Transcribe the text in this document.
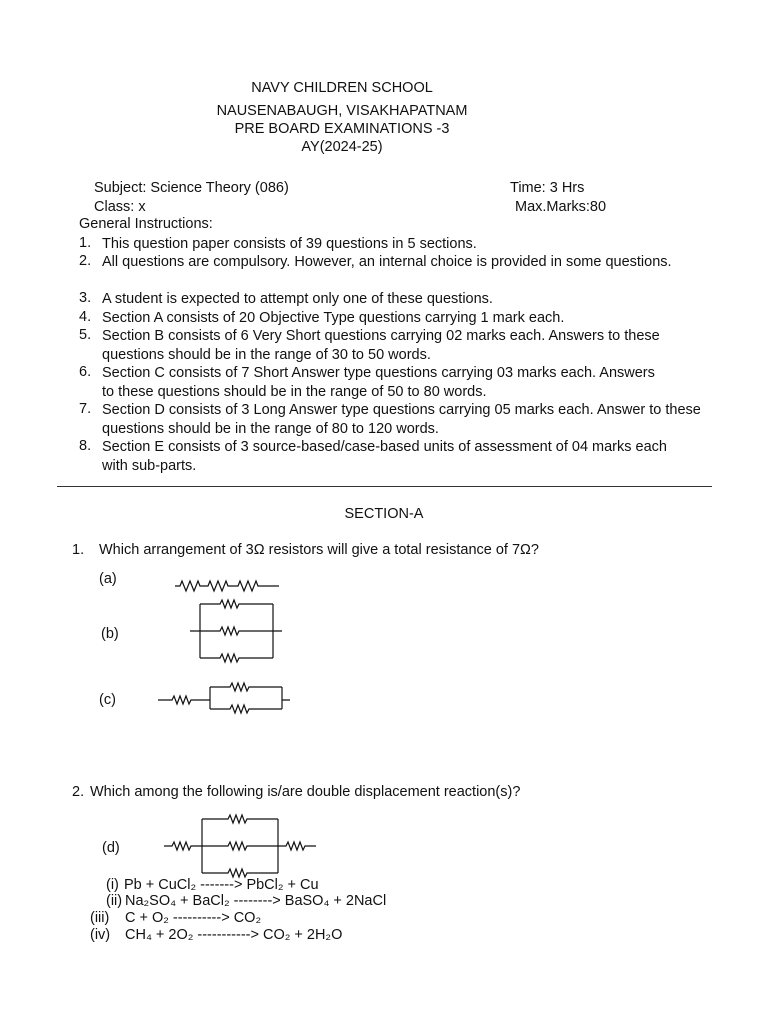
NAVY CHILDREN SCHOOL
NAUSENABAUGH, VISAKHAPATNAM
PRE BOARD EXAMINATIONS -3
AY(2024-25)
Subject: Science Theory (086)	Time: 3 Hrs
Class: x	Max.Marks:80
General Instructions:
1. This question paper consists of 39 questions in 5 sections.
2. All questions are compulsory. However, an internal choice is provided in some questions.
3. A student is expected to attempt only one of these questions.
4. Section A consists of 20 Objective Type questions carrying 1 mark each.
5. Section B consists of 6 Very Short questions carrying 02 marks each. Answers to these questions should be in the range of 30 to 50 words.
6. Section C consists of 7 Short Answer type questions carrying 03 marks each. Answers to these questions should be in the range of 50 to 80 words.
7. Section D consists of 3 Long Answer type questions carrying 05 marks each. Answer to these questions should be in the range of 80 to 120 words.
8. Section E consists of 3 source-based/case-based units of assessment of 04 marks each with sub-parts.
SECTION-A
1. Which arrangement of 3Ω resistors will give a total resistance of 7Ω?
(a)
(b)
(c)
2. Which among the following is/are double displacement reaction(s)?
(d)
(i) Pb + CuCl₂ -------> PbCl₂ + Cu
(ii) Na₂SO₄ + BaCl₂ --------> BaSO₄ + 2NaCl
(iii) C + O₂ ----------> CO₂
(iv) CH₄ + 2O₂ -----------> CO₂ + 2H₂O
